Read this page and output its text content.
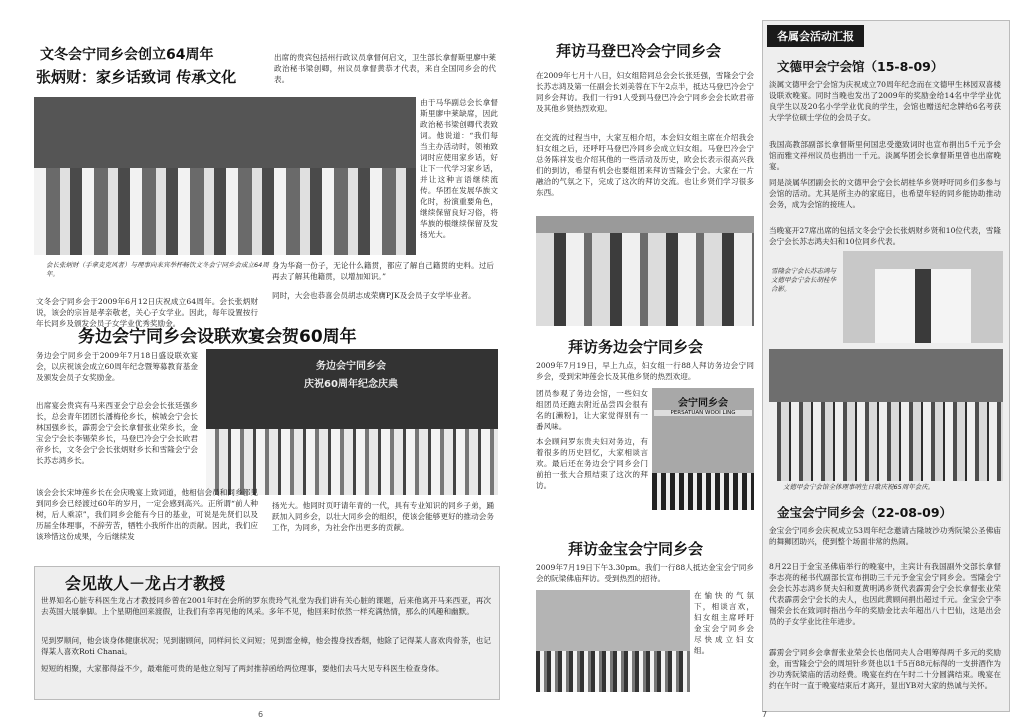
文冬会宁同乡会创立64周年
张炳财：家乡话致词 传承文化
出席的贵宾包括州行政议员拿督何启文，卫生部长拿督斯里廖中莱政治秘书梁创卿，州议员拿督黄恭才代表，来自全国同乡会的代表。
由于马华副总会长拿督斯里廖中莱缺席，因此政治秘书梁创卿代表致词。他说道：“我们每当主办活动时，领袖致词时应使用家乡话，好让下一代学习家乡话，并让这种言语继续流传。华团在发展华族文化时，扮演重要角色，继续保留良好习俗，将华族的根继续保留及发扬光大。
会长张炳财（手拿麦克风者）与理事向来宾举杯畅饮文冬会宁同乡会成立64周年。
文冬会宁同乡会于2009年6月12日庆祝成立64周年。会长张炳财说，该会的宗旨是孝亲敬老，关心子女学业。因此，每年设置按行年长同乡及颁发会员子女学业优秀奖励金。
身为华裔一份子，无论什么籍贯，都应了解自己籍贯的史料。过后再去了解其他籍贯，以增加知识。”
同时，大会也恭喜会员胡志成荣膺PJK及会员子女学毕业者。
务边会宁同乡会设联欢宴会贺60周年
务边会宁同乡会于2009年7月18日盛设联欢宴会，以庆祝该会成立60周年纪念暨筹募教育基金及颁发会员子女奖励金。
出席宴会贵宾有马来西亚会宁总会会长张廷强乡长，总会青年团团长潘梅伦乡长，槟城会宁会长林国强乡长，霹雳会宁会长拿督张业荣乡长，金宝会宁会长李锡荣乡长，马登巴冷会宁会长欧君帝乡长，文冬会宁会长张炳财乡长和雪隆会宁会长苏志鸿乡长。
务边会宁同乡会
庆祝60周年纪念庆典
该会会长宋坤莲乡长在会庆晚宴上致词道，他相信会员和同乡都见到同乡会已经渡过60年的岁月，一定会感到高兴。正所谓“前人种树，后人乘凉”，我们同乡会能有今日的基业，可说是先贤们以及历届全体理事，不辞劳苦，牺牲小我所作出的贡献。因此，我们应该珍惜这份成果，今后继续发
扬光大。他同时页吁请年青的一代，具有专业知识的同乡子弟，踊跃加入同乡会，以壮大同乡会的组织，使该会能够更好的推动会务工作，为同乡，为社会作出更多的贡献。
会见故人－龙占才教授
世界知名心脏专科医生龙占才教授同乡曾在2001年时在会所的罗东贵玲气礼堂为我们讲有关心脏的课题，后来他离开马来西亚，再次去英国大展拳脚。上个星期他回来渡假，让我们有幸再见他的风采。多年不见，他回来时依然一样充满热情，那么的风趣和幽默。
见到罗顺问，他会谈身体健康状况；见到谢顾问，同样问长义问短；见到雷金樟，他会搜身找香烟，他除了记得某人喜欢肉骨茶，也记得某人喜欢Roti Chanai。
短短的相聚，大家都得益不少，最难能可贵的是他立刻写了两封推荐函给两位理事，要他们去马大见专科医生检查身体。
6
拜访马登巴冷会宁同乡会
在2009年七月十八日，妇女组陪同总会会长张廷强，雪隆会宁会长苏志鸿及第一任副会长刘美蓉在下午2点半，抵达马登巴冷会宁同乡会拜访。我们一行91人受到马登巴冷会宁同乡会会长欧君帝及其他乡贤热烈欢迎。
在交流的过程当中，大家互相介绍，本会妇女组主席在介绍我会妇女组之后，还呼吁马登巴冷同乡会成立妇女组。马登巴冷会宁总务陈祥发也介绍其他的一些活动及历史，欧会长表示很高兴我们的到访，希望有机会也要组团来拜访雪隆会宁会。大家在一片融洽的气氛之下，完成了这次的拜访交流。也让乡贤们学习很多东西。
拜访务边会宁同乡会
2009年7月19日，早上九点，妇女组一行88人拜访务边会宁同乡会，受到宋坤莲会长及其他乡贤的热烈欢迎。
团员参观了务边会馆，一些妇女组团员还跑去附近品尝四会很有名的[濑粉]，让大家觉得别有一番风味。
本会顾问罗东贵夫妇对务边，有着很多的历史回忆，大家相谈言欢。最后还在务边会宁同乡会门前拍一张大合照结束了这次的拜访。
会宁同乡会
PERSATUAN WOOI LING
拜访金宝会宁同乡会
2009年7月19日下午3.30pm。我们一行88人抵达金宝会宁同乡会的阮梁佛庙拜访。受到热烈的招待。
在愉快的气氛下，相谈言欢，妇女组主席呼吁金宝会宁同乡会尽快成立妇女组。
各属会活动汇报
文德甲会宁会馆（15-8-09）
淡属文德甲会宁会馆为庆祝成立70周年纪念而在文德甲生林园双喜楼设联欢晚宴。同时当晚也发出了2009年的奖励金给14名中学学业优良学生以及20名小学学业优良的学生，会馆也赠送纪念牌给6名考获大学学位硕士学位的会员子女。
我国高教部副部长拿督斯里何国忠受邀致词时也宣布捐出5千元予会馆而雅文祥州议员也捐出一千元。淡属华团会长拿督斯里曾也出席晚宴。
同是淡属华团副会长的文德甲会宁会长胡桂华乡贤呼吁同乡们多参与会馆的活动。尤其是所主办的家庭日，也希望年轻的同乡能协助推动会务，成为会馆的接班人。
当晚宴开27席出席的包括文冬会宁会长张炳财乡贤和10位代表，雪隆会宁会长苏志鸿夫妇和10位同乡代表。
雪隆会宁会长苏志鸿与文德甲会宁会长胡桂华合影。
文德甲会宁会馆全体理事哨生日歌庆祝65周年会庆。
金宝会宁同乡会（22-08-09）
金宝会宁同乡会庆祝成立53周年纪念邀请古隆坡沙功秀阮梁公圣佛庙的舞狮团助兴，使到整个场面非常的热闹。
8月22日于金宝圣佛庙举行的晚宴中，主宾计有我国副外交部长拿督李志亮的秘书代副部长宣布捐助三千元予金宝会宁同乡会。雪隆会宁会会长苏志鸿乡贤夫妇和夏黄明鸿乡贤代表霹雳会宁会长拿督张业荣代表霹雳会宁会长的夫人，也因此黄顾问捐出超过千元。金宝会宁李锡荣会长在致词时指出今年的奖励金比去年超出八十巴仙，这是出会员的子女学业比往年进步。
霹雳会宁同乡会拿督张业荣会长也偕同夫人合唱筹得两千多元的奖励金，而雪隆会宁会的周垣针乡贤也以1千5百88元标得的一支拼酒作为沙功秀阮梁庙的活动经费。晚宴在约在午时二十分圆满结束。晚宴在约在午时一直于晚宴结束后才离开，显出YB对大家的热诚与关怀。
7
